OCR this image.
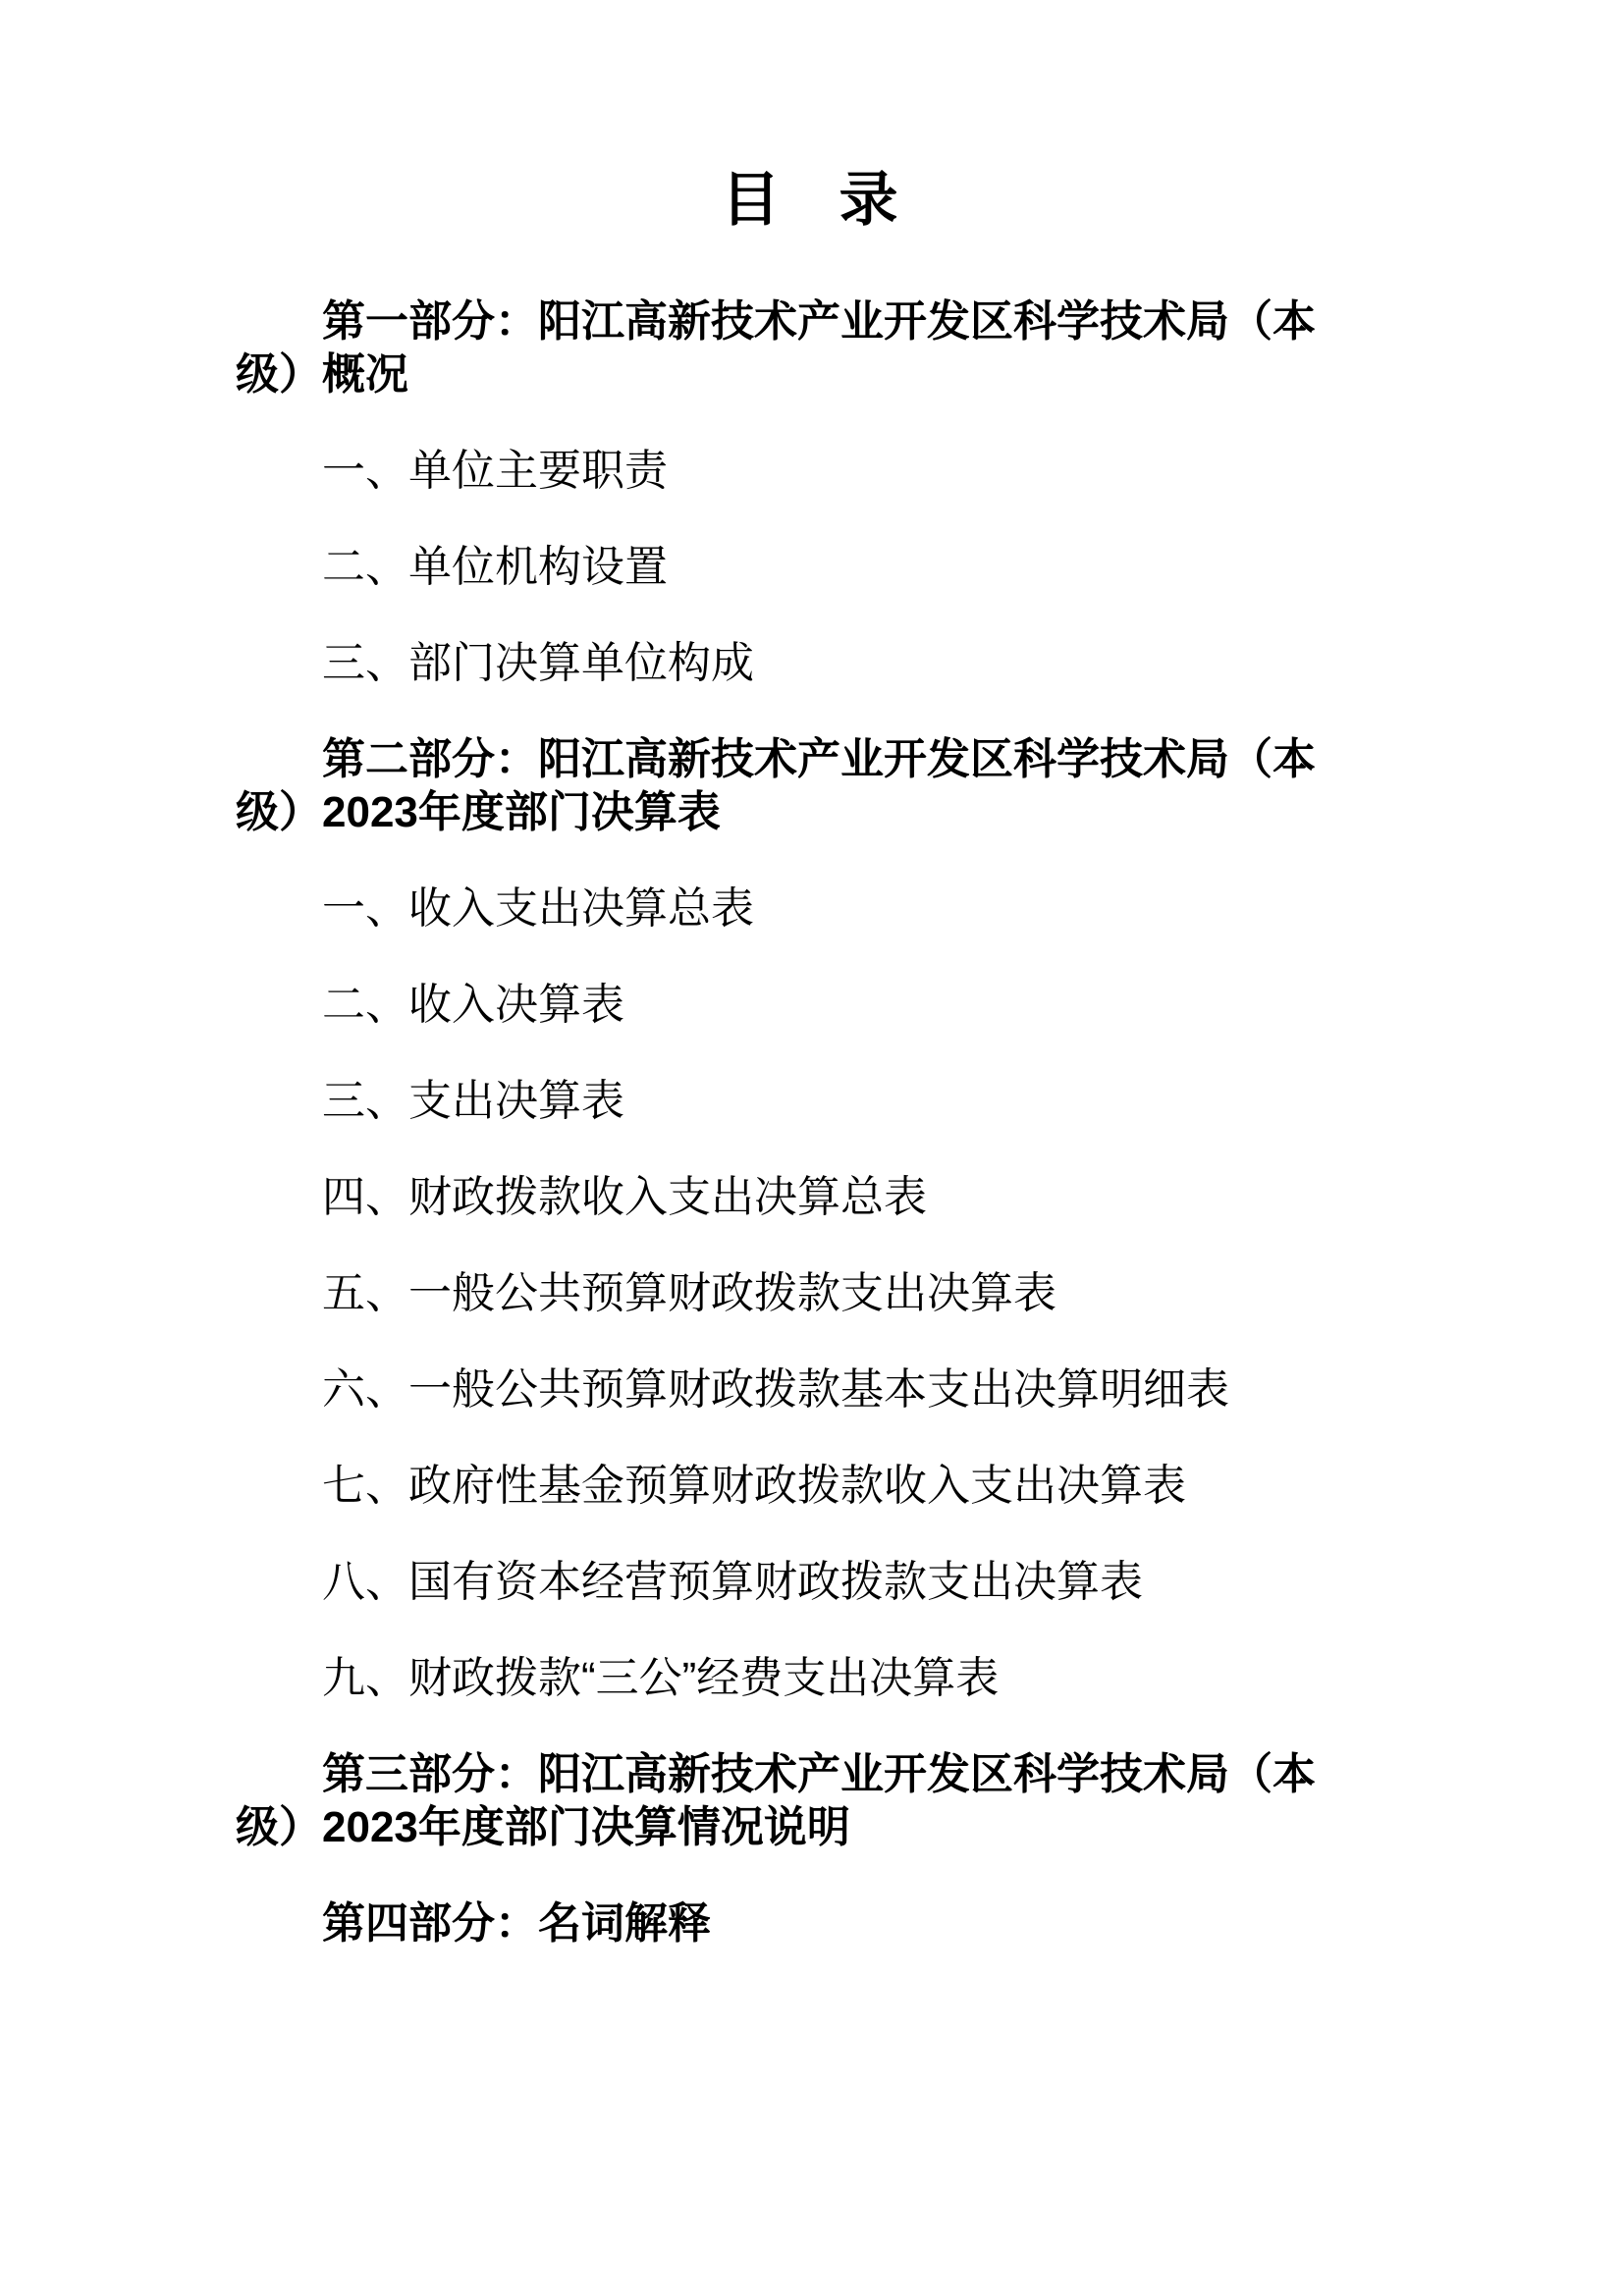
目　录
第一部分：阳江高新技术产业开发区科学技术局（本
级）概况
一、单位主要职责
二、单位机构设置
三、部门决算单位构成
第二部分：阳江高新技术产业开发区科学技术局（本
级）2023年度部门决算表
一、收入支出决算总表
二、收入决算表
三、支出决算表
四、财政拨款收入支出决算总表
五、一般公共预算财政拨款支出决算表
六、一般公共预算财政拨款基本支出决算明细表
七、政府性基金预算财政拨款收入支出决算表
八、国有资本经营预算财政拨款支出决算表
九、财政拨款“三公”经费支出决算表
第三部分：阳江高新技术产业开发区科学技术局（本
级）2023年度部门决算情况说明
第四部分：名词解释
